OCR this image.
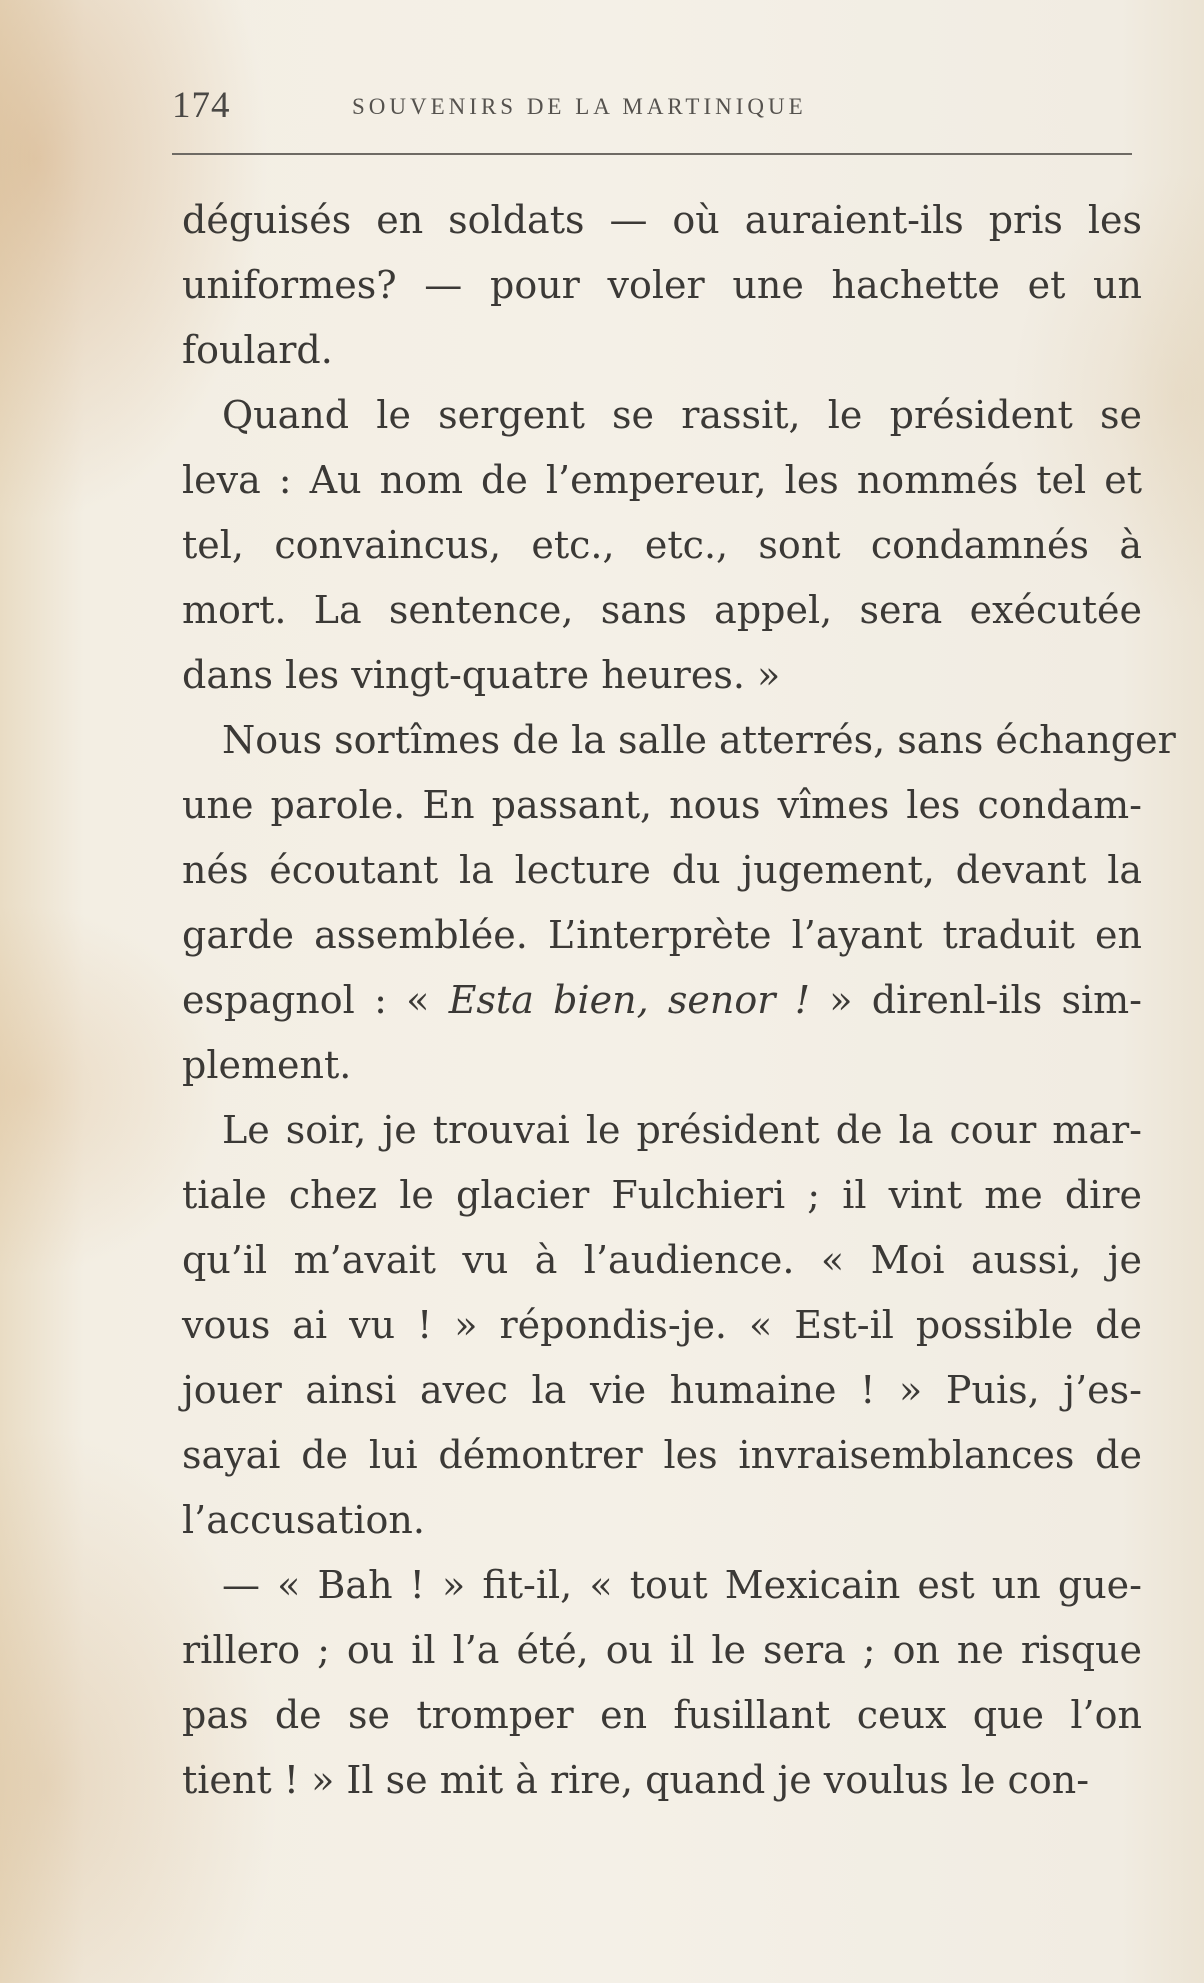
174	SOUVENIRS DE LA MARTINIQUE
déguisés en soldats — où auraient-ils pris les
uniformes? — pour voler une hachette et un
foulard.
Quand le sergent se rassit, le président se
leva : Au nom de l’empereur, les nommés tel et
tel, convaincus, etc., etc., sont condamnés à
mort. La sentence, sans appel, sera exécutée
dans les vingt-quatre heures. »
Nous sortîmes de la salle atterrés, sans échanger
une parole. En passant, nous vîmes les condam-
nés écoutant la lecture du jugement, devant la
garde assemblée. L’interprète l’ayant traduit en
espagnol : « Esta bien, senor ! » direnl-ils sim-
plement.
Le soir, je trouvai le président de la cour mar-
tiale chez le glacier Fulchieri ; il vint me dire
qu’il m’avait vu à l’audience. « Moi aussi, je
vous ai vu ! » répondis-je. « Est-il possible de
jouer ainsi avec la vie humaine ! » Puis, j’es-
sayai de lui démontrer les invraisemblances de
l’accusation.
— « Bah ! » fit-il, « tout Mexicain est un gue-
rillero ; ou il l’a été, ou il le sera ; on ne risque
pas de se tromper en fusillant ceux que l’on
tient ! » Il se mit à rire, quand je voulus le con-
